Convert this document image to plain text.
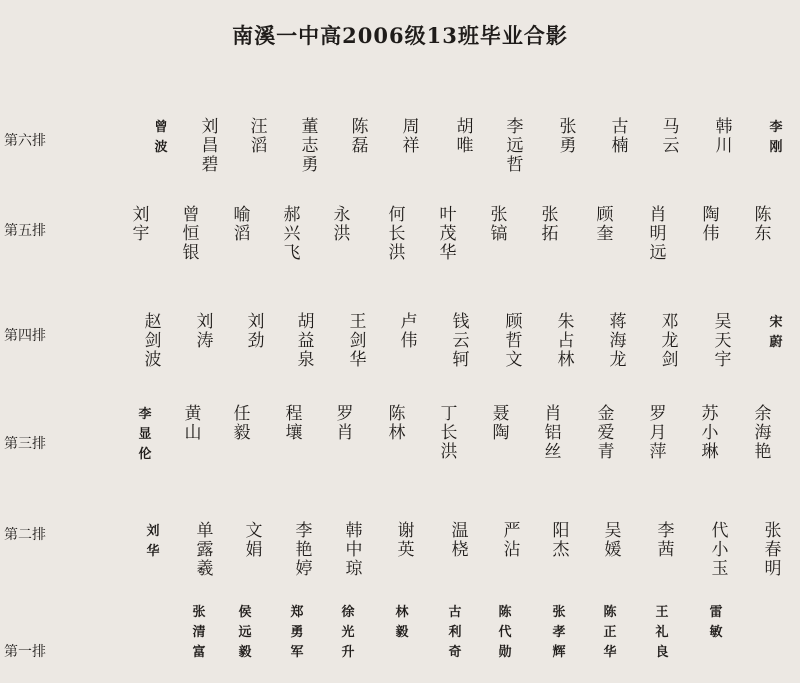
南溪一中高2006级13班毕业合影
第六排
曾
波
刘
昌
碧
汪
滔
董
志
勇
陈
磊
周
祥
胡
唯
李
远
哲
张
勇
古
楠
马
云
韩
川
李
刚
第五排
刘
宇
曾
恒
银
喻
滔
郝
兴
飞
永
洪
何
长
洪
叶
茂
华
张
镐
张
拓
顾
奎
肖
明
远
陶
伟
陈
东
第四排
赵
剑
波
刘
涛
刘
劲
胡
益
泉
王
剑
华
卢
伟
钱
云
轲
顾
哲
文
朱
占
林
蒋
海
龙
邓
龙
剑
吴
天
宇
宋
蔚
第三排
李
显
伦
黄
山
任
毅
程
壤
罗
肖
陈
林
丁
长
洪
聂
陶
肖
铝
丝
金
爱
青
罗
月
萍
苏
小
琳
余
海
艳
第二排	刘
华
单
露
羲
文
娟
李
艳
婷
韩
中
琼
谢
英
温
桡
严
沾
阳
杰
吴
媛
李
茜
代
小
玉
张
春
明
第一排
张
清
富
侯
远
毅
郑
勇
军
徐
光
升
林
毅
古
利
奇
陈
代
勋
张
孝
辉
陈
正
华
王
礼
良
雷
敏
